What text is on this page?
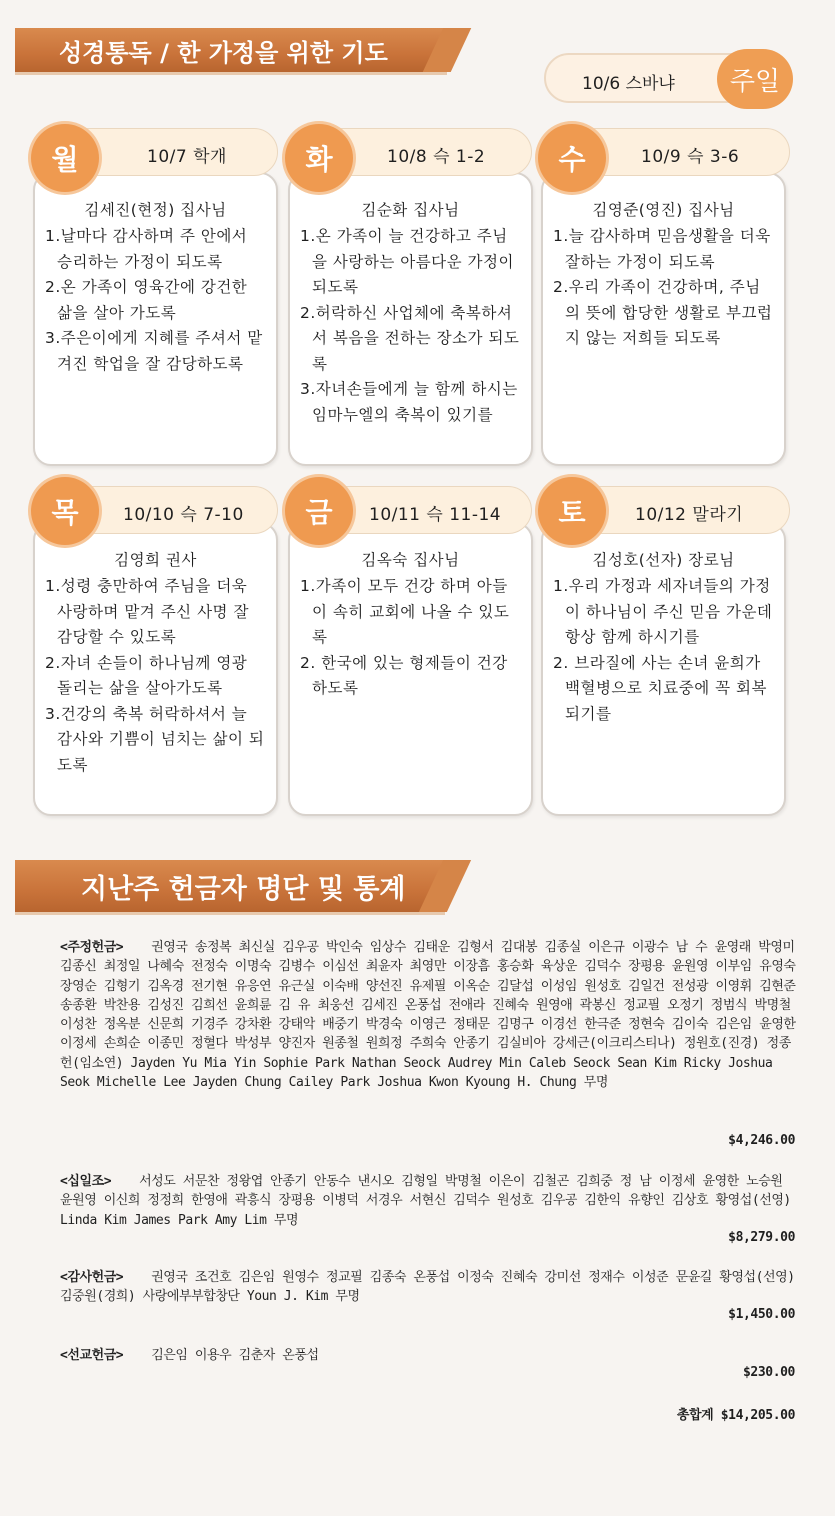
성경통독 / 한 가정을 위한 기도
10/6 스바냐	주일
김세진(현정) 집사님
1.날마다 감사하며 주 안에서 승리하는 가정이 되도록
2.온 가족이 영육간에 강건한 삶을 살아 가도록
3.주은이에게 지혜를 주셔서 맡겨진 학업을 잘 감당하도록
10/7 학개
월
김순화 집사님
1.온 가족이 늘 건강하고 주님을 사랑하는 아름다운 가정이 되도록
2.허락하신 사업체에 축복하셔서 복음을 전하는 장소가 되도록
3.자녀손들에게 늘 함께 하시는 임마누엘의 축복이 있기를
10/8 슥 1-2
화
김영준(영진) 집사님
1.늘 감사하며 믿음생활을 더욱 잘하는 가정이 되도록
2.우리 가족이 건강하며, 주님의 뜻에 합당한 생활로 부끄럽지 않는 저희들 되도록
10/9 슥 3-6
수
김영희 권사
1.성령 충만하여 주님을 더욱 사랑하며 맡겨 주신 사명 잘 감당할 수 있도록
2.자녀 손들이 하나님께 영광 돌리는 삶을 살아가도록
3.건강의 축복 허락하셔서 늘 감사와 기쁨이 넘치는 삶이 되도록
10/10 슥 7-10
목
김옥숙 집사님
1.가족이 모두 건강 하며 아들이 속히 교회에 나올 수 있도록
2. 한국에 있는 형제들이 건강하도록
10/11 슥 11-14
금
김성호(선자) 장로님
1.우리 가정과 세자녀들의 가정이 하나님이 주신 믿음 가운데 항상 함께 하시기를
2. 브라질에 사는 손녀 윤희가 백혈병으로 치료중에 꼭 회복되기를
10/12 말라기
토
지난주 헌금자 명단 및 통계
<주정헌금> 권영국 송정복 최신실 김우공 박인숙 임상수 김태운 김형서 김대봉 김종실 이은규 이광수 남 수 윤영래 박영미 김종신 최정일 나혜숙 전정숙 이명숙 김병수 이심선 최윤자 최영만 이장흠 홍승화 육상운 김덕수 장평용 윤원영 이부임 유영숙 장영순 김형기 김옥경 전기현 유응연 유근실 이숙배 양선진 유제필 이옥순 김달섭 이성임 원성호 김일건 전성광 이영휘 김현준 송종환 박찬용 김성진 김희선 윤희륜 김 유 최웅선 김세진 온풍섭 전애라 진혜숙 원영애 곽봉신 정교필 오정기 정범식 박명철 이성찬 정옥분 신문희 기경주 강차환 강태악 배중기 박경숙 이영근 정태문 김명구 이경선 한극준 정현숙 김이숙 김은임 윤영한 이정세 손희순 이종민 정혈다 박성부 양진자 원종철 원희정 주희숙 안종기 김실비아 강세근(이크리스티나) 정원호(진경) 정종헌(임소연) Jayden Yu Mia Yin Sophie Park Nathan Seock Audrey Min Caleb Seock Sean Kim Ricky Joshua Seok Michelle Lee Jayden Chung Cailey Park Joshua Kwon Kyoung H. Chung 무명
$4,246.00
<십일조> 서성도 서문찬 정왕엽 안종기 안동수 낸시오 김형일 박명철 이은이 김철곤 김희중 정 남 이정세 윤영한 노승원 윤원영 이신희 정정희 한영애 곽흥식 장평용 이병덕 서경우 서현신 김덕수 원성호 김우공 김한익 유향인 김상호 황영섭(선영) Linda Kim James Park Amy Lim 무명
$8,279.00
<감사헌금> 권영국 조건호 김은임 원영수 정교필 김종숙 온풍섭 이정숙 진혜숙 강미선 정재수 이성준 문윤길 황영섭(선영) 김중원(경희) 사랑에부부합창단 Youn J. Kim 무명
$1,450.00
<선교헌금> 김은임 이용우 김춘자 온풍섭
$230.00
총합계 $14,205.00
